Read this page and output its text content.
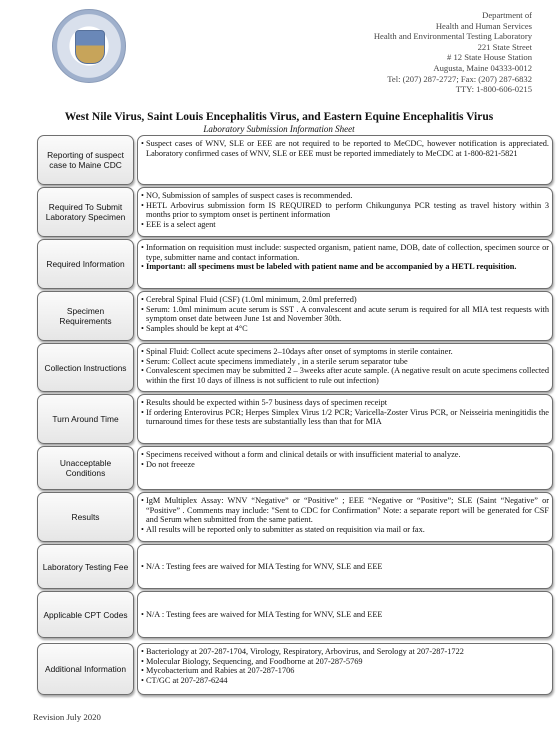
Department of
Health and Human Services
Health and Environmental Testing Laboratory
221 State Street
# 12 State House Station
Augusta, Maine 04333-0012
Tel: (207) 287-2727; Fax: (207) 287-6832
TTY: 1-800-606-0215
West Nile Virus, Saint Louis Encephalitis Virus, and Eastern Equine Encephalitis Virus
Laboratory Submission Information Sheet
Reporting of suspect case to Maine CDC
• Suspect cases of WNV, SLE or EEE are not required to be reported to MeCDC, however notification is appreciated. Laboratory confirmed cases of WNV, SLE or EEE must be reported immediately to MeCDC at 1-800-821-5821
Required To Submit Laboratory Specimen
• NO, Submission of samples of suspect cases is recommended.
• HETL Arbovirus submission form IS REQUIRED to perform Chikungunya PCR testing as travel history within 3 months prior to symptom onset is pertinent information
• EEE is a select agent
Required Information
• Information on requisition must include: suspected organism, patient name, DOB, date of collection, specimen source or type, submitter name and contact information.
• Important: all specimens must be labeled with patient name and be accompanied by a HETL requisition.
Specimen Requirements
• Cerebral Spinal Fluid (CSF) (1.0ml minimum, 2.0ml preferred)
• Serum: 1.0ml minimum acute serum is SST . A convalescent and acute serum is required for all MIA test requests with symptom onset date between June 1st and November 30th.
• Samples should be kept at 4°C
Collection Instructions
• Spinal Fluid: Collect acute specimens 2–10days after onset of symptoms in sterile container.
• Serum: Collect acute specimens immediately , in a sterile serum separator tube
• Convalescent specimen may be submitted 2 – 3weeks after acute sample. (A negative result on acute specimens collected within the first 10 days of illness is not sufficient to rule out infection)
Turn Around Time
• Results should be expected within 5-7 business days of specimen receipt
• If ordering Enterovirus PCR; Herpes Simplex Virus 1/2 PCR; Varicella-Zoster Virus PCR, or Neisseiria meningitidis the turnaround times for these tests are substantially less than that for MIA
Unacceptable Conditions
• Specimens received without a form and clinical details or with insufficient material to analyze.
• Do not freeeze
Results
• IgM Multiplex Assay: WNV “Negative” or “Positive” ; EEE “Negative or “Positive”; SLE (Saint “Negative” or “Positive” . Comments may include: "Sent to CDC for Confirmation" Note: a separate report will be generated for CSF and Serum when submitted from the same patient.
• All results will be reported only to submitter as stated on requisition via mail or fax.
Laboratory Testing Fee	• N/A : Testing fees are waived for MIA Testing for WNV, SLE and EEE
Applicable CPT Codes	• N/A : Testing fees are waived for MIA Testing for WNV, SLE and EEE
Additional Information
• Bacteriology at 207-287-1704, Virology, Respiratory, Arbovirus, and Serology at 207-287-1722
• Molecular Biology, Sequencing, and Foodborne at 207-287-5769
• Mycobacterium and Rabies at 207-287-1706
• CT/GC at 207-287-6244
Revision July 2020
